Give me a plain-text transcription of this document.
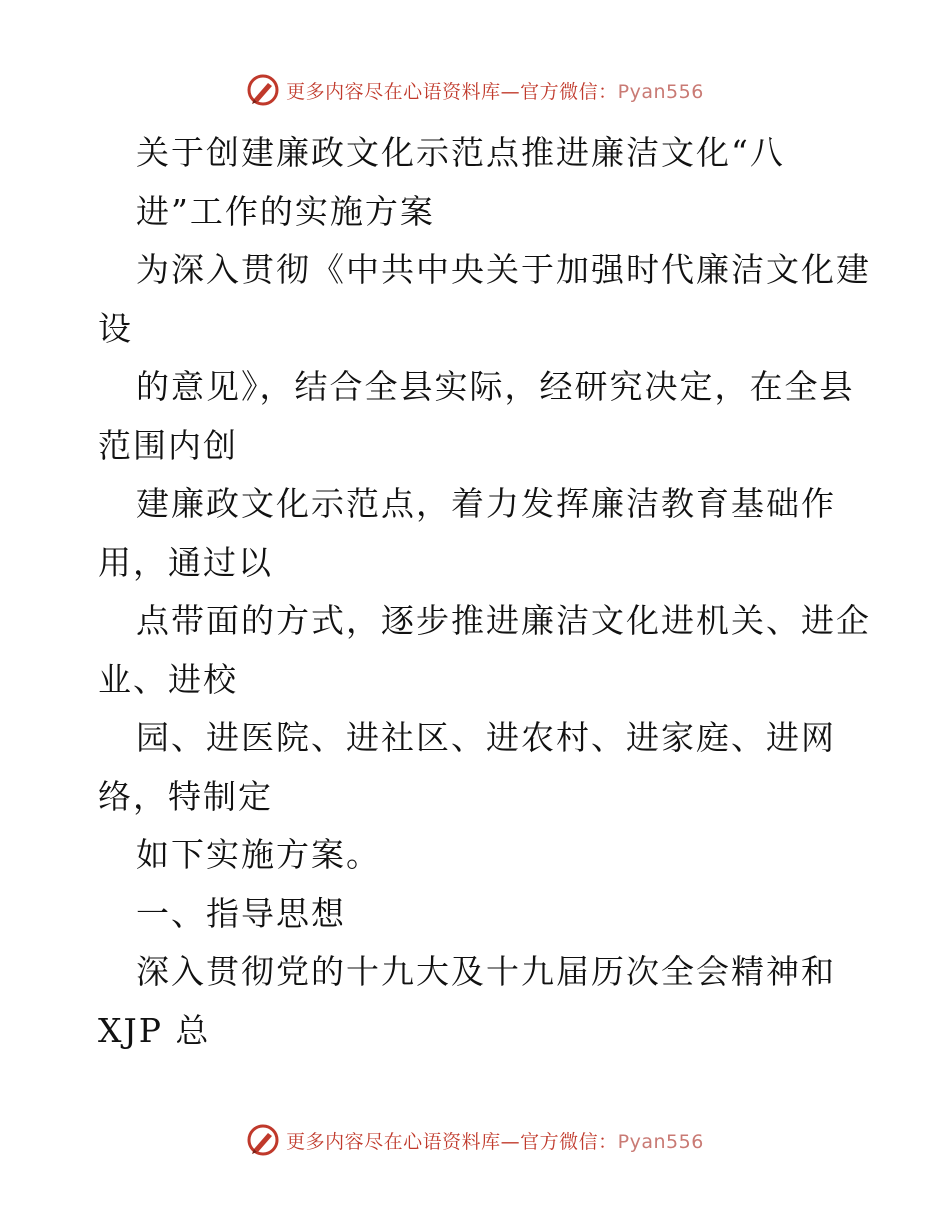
更多内容尽在心语资料库—官方微信：Pyan556
关于创建廉政文化示范点推进廉洁文化“八
进”工作的实施方案
为深入贯彻《中共中央关于加强时代廉洁文化建
设
的意见》，结合全县实际，经研究决定，在全县
范围内创
建廉政文化示范点，着力发挥廉洁教育基础作
用，通过以
点带面的方式，逐步推进廉洁文化进机关、进企
业、进校
园、进医院、进社区、进农村、进家庭、进网
络，特制定
如下实施方案。
一、指导思想
深入贯彻党的十九大及十九届历次全会精神和
XJP 总
更多内容尽在心语资料库—官方微信：Pyan556
